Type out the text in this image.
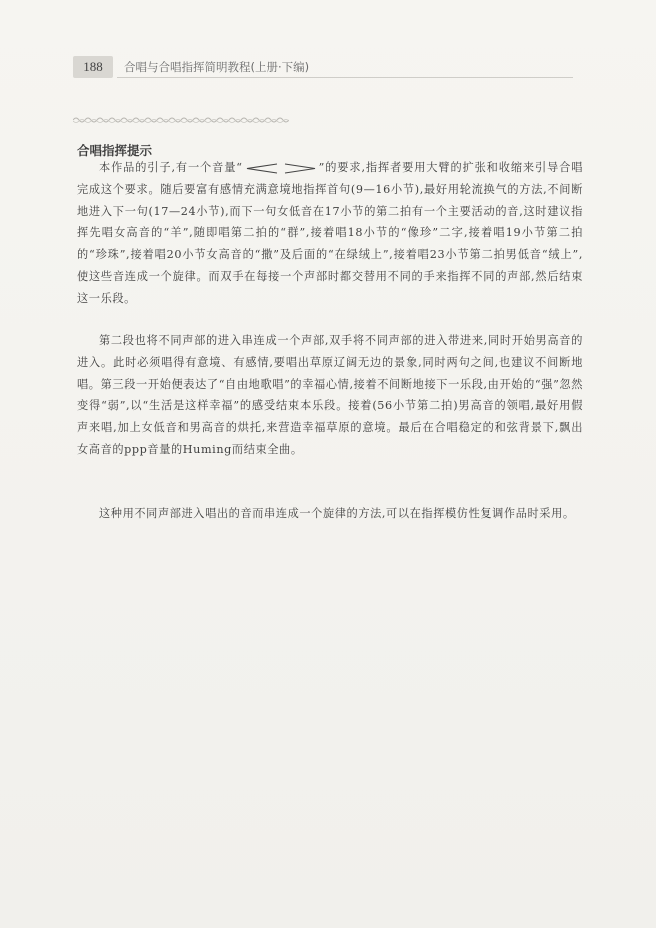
188	合唱与合唱指挥简明教程(上册·下编)
合唱指挥提示
本作品的引子,有一个音量“	”的要求,指挥者要用大臂的扩张和收缩来引导合唱完成这个要求。随后要富有感情充满意境地指挥首句(9—16小节),最好用轮流换气的方法,不间断地进入下一句(17—24小节),而下一句女低音在17小节的第二拍有一个主要活动的音,这时建议指挥先唱女高音的“羊”,随即唱第二拍的“群”,接着唱18小节的“像珍”二字,接着唱19小节第二拍的“珍珠”,接着唱20小节女高音的“撒”及后面的“在绿绒上”,接着唱23小节第二拍男低音“绒上”,使这些音连成一个旋律。而双手在每接一个声部时都交替用不同的手来指挥不同的声部,然后结束这一乐段。
第二段也将不同声部的进入串连成一个声部,双手将不同声部的进入带进来,同时开始男高音的进入。此时必须唱得有意境、有感情,要唱出草原辽阔无边的景象,同时两句之间,也建议不间断地唱。第三段一开始便表达了“自由地歌唱”的幸福心情,接着不间断地接下一乐段,由开始的“强”忽然变得“弱”,以“生活是这样幸福”的感受结束本乐段。接着(56小节第二拍)男高音的领唱,最好用假声来唱,加上女低音和男高音的烘托,来营造幸福草原的意境。最后在合唱稳定的和弦背景下,飘出女高音的ppp音量的Huming而结束全曲。
这种用不同声部进入唱出的音而串连成一个旋律的方法,可以在指挥模仿性复调作品时采用。
